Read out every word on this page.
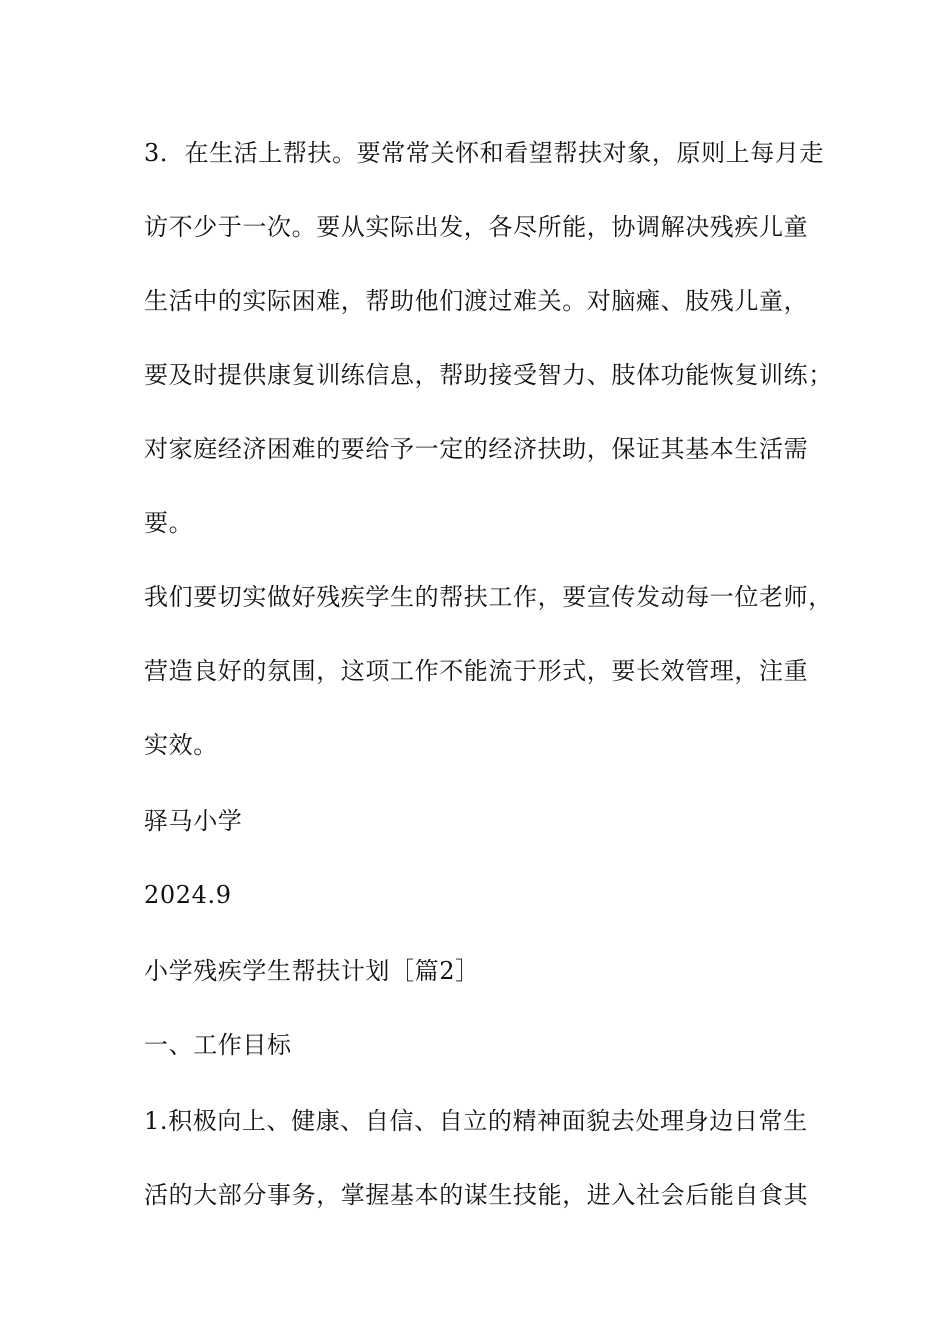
3．在生活上帮扶。要常常关怀和看望帮扶对象，原则上每月走
访不少于一次。要从实际出发，各尽所能，协调解决残疾儿童
生活中的实际困难，帮助他们渡过难关。对脑瘫、肢残儿童，
要及时提供康复训练信息，帮助接受智力、肢体功能恢复训练；
对家庭经济困难的要给予一定的经济扶助，保证其基本生活需
要。
我们要切实做好残疾学生的帮扶工作，要宣传发动每一位老师，
营造良好的氛围，这项工作不能流于形式，要长效管理，注重
实效。
驿马小学
2024.9
小学残疾学生帮扶计划［篇2］
一、工作目标
1.积极向上、健康、自信、自立的精神面貌去处理身边日常生
活的大部分事务，掌握基本的谋生技能，进入社会后能自食其
